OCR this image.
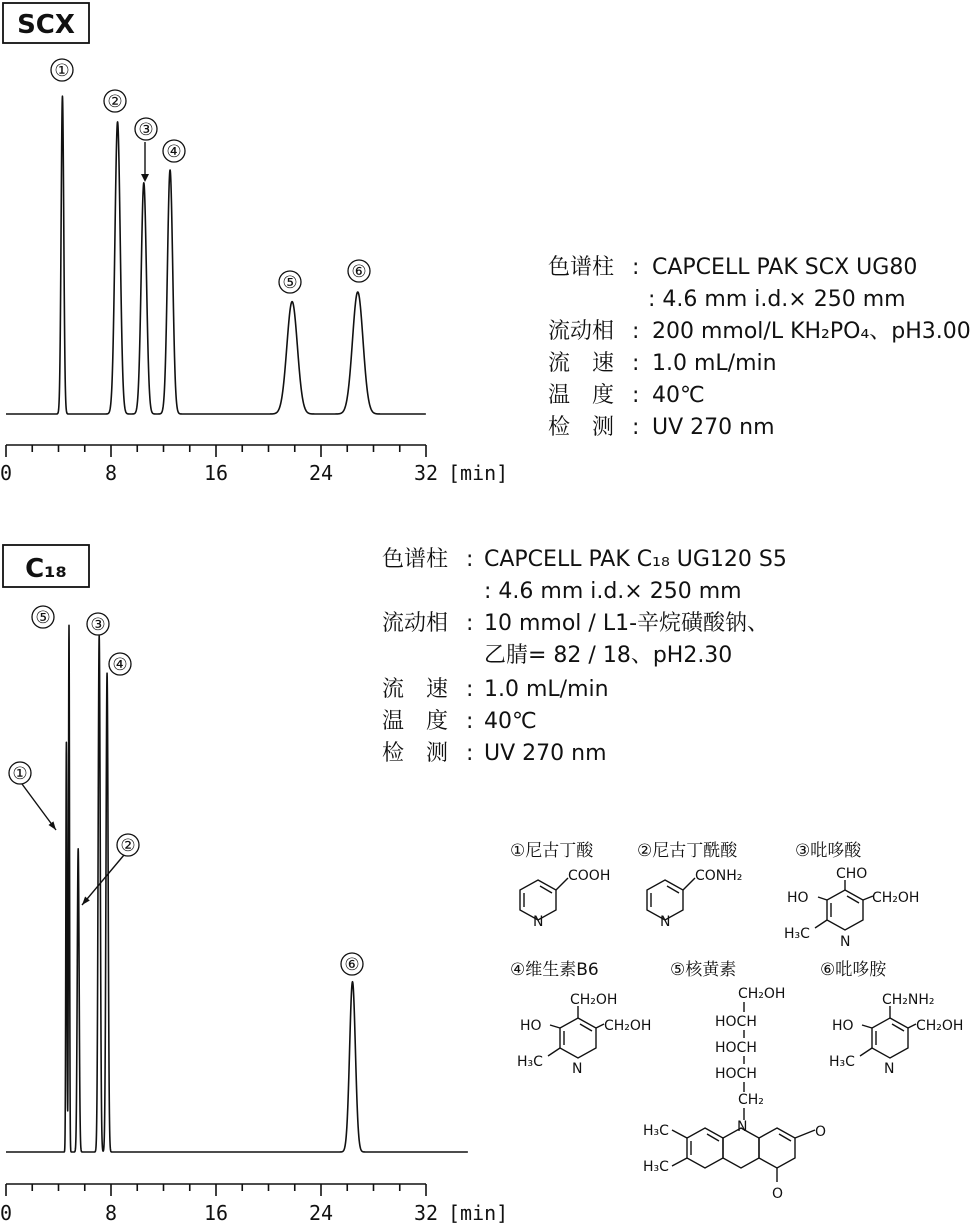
SCX
①
②
③
④
⑤
⑥
0	8	16	24	32 [min]
色谱柱 : CAPCELL PAK SCX UG80
: 4.6 mm i.d.× 250 mm
流动相 : 200 mmol/L KH₂PO₄、pH3.00
流　速 : 1.0 mL/min
温　度 : 40℃
检　测 : UV 270 nm
C₁₈
①
⑤
②
③
④
⑥
0	8	16	24	32 [min]
色谱柱 : CAPCELL PAK C₁₈ UG120 S5
: 4.6 mm i.d.× 250 mm
流动相 : 10 mmol / L1-辛烷磺酸钠、
乙腈= 82 / 18、pH2.30
流　速 : 1.0 mL/min
温　度 : 40℃
检　测 : UV 270 nm
①尼古丁酸	②尼古丁酰酸	③吡哆酸
④维生素B6	⑤核黄素	⑥吡哆胺
COOH
N
CONH₂
N
CHO
HO	CH₂OH
H₃C N
CH₂OH
HO	CH₂OH
H₃C N
CH₂OH
HOCH
HOCH
HOCH
CH₂
H₃C
H₃C
N	O
O
CH₂NH₂
HO	CH₂OH
H₃C N
